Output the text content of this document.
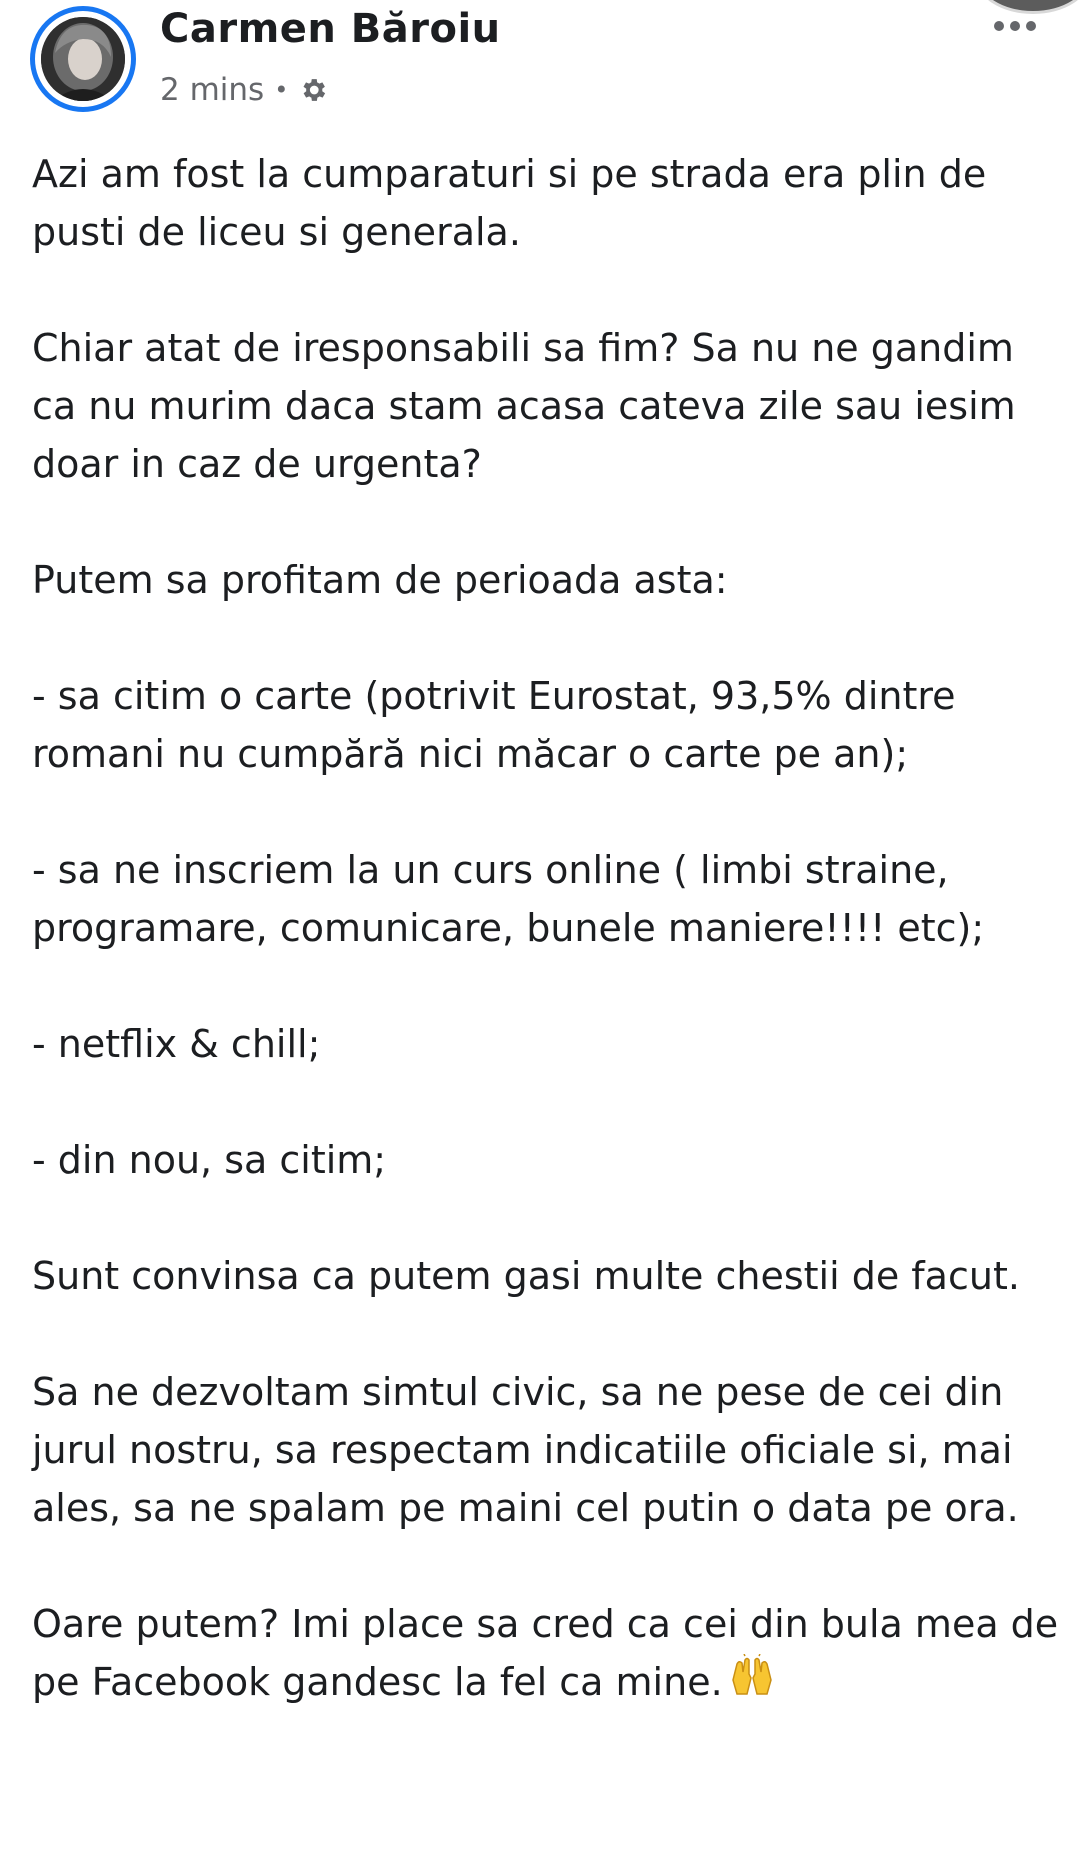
Carmen Băroiu
2 mins •

Azi am fost la cumparaturi si pe strada era plin de pusti de liceu si generala.

Chiar atat de iresponsabili sa fim? Sa nu ne gandim ca nu murim daca stam acasa cateva zile sau iesim doar in caz de urgenta?

Putem sa profitam de perioada asta:

- sa citim o carte (potrivit Eurostat, 93,5% dintre romani nu cumpără nici măcar o carte pe an);

- sa ne inscriem la un curs online ( limbi straine, programare, comunicare, bunele maniere!!!! etc);

- netflix & chill;

- din nou, sa citim;

Sunt convinsa ca putem gasi multe chestii de facut.

Sa ne dezvoltam simtul civic, sa ne pese de cei din jurul nostru, sa respectam indicatiile oficiale si, mai ales, sa ne spalam pe maini cel putin o data pe ora.

Oare putem? Imi place sa cred ca cei din bula mea de pe Facebook gandesc la fel ca mine.
